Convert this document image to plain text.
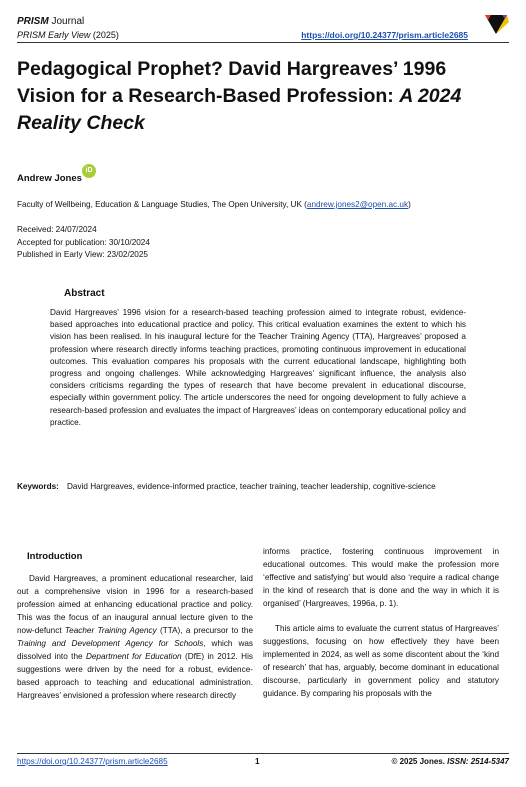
PRISM Journal
PRISM Early View (2025)	https://doi.org/10.24377/prism.article2685
Pedagogical Prophet? David Hargreaves’ 1996 Vision for a Research-Based Profession: A 2024 Reality Check
Andrew Jones
iD
Faculty of Wellbeing, Education & Language Studies, The Open University, UK (andrew.jones2@open.ac.uk)
Received: 24/07/2024
Accepted for publication: 30/10/2024
Published in Early View: 23/02/2025
Abstract
David Hargreaves’ 1996 vision for a research-based teaching profession aimed to integrate robust, evidence-based approaches into educational practice and policy. This critical evaluation examines the extent to which his vision has been realised. In his inaugural lecture for the Teacher Training Agency (TTA), Hargreaves’ proposed a profession where research directly informs teaching practices, promoting continuous improvement in educational outcomes. This evaluation compares his proposals with the current educational landscape, highlighting both progress and ongoing challenges. While acknowledging Hargreaves’ significant influence, the analysis also considers criticisms regarding the types of research that have become prevalent in educational discourse, especially within government policy. The article underscores the need for ongoing development to fully achieve a research-based profession and evaluates the impact of Hargreaves’ ideas on contemporary educational policy and practice.
Keywords: David Hargreaves, evidence-informed practice, teacher training, teacher leadership, cognitive-science
Introduction

David Hargreaves, a prominent educational researcher, laid out a comprehensive vision in 1996 for a research-based profession aimed at enhancing educational practice and policy. This was the focus of an inaugural annual lecture given to the now-defunct Teacher Training Agency (TTA), a precursor to the Training and Development Agency for Schools, which was dissolved into the Department for Education (DfE) in 2012. His suggestions were driven by the need for a robust, evidence-based approach to teaching and educational administration. Hargreaves’ envisioned a profession where research directly

informs practice, fostering continuous improvement in educational outcomes. This would make the profession more ‘effective and satisfying’ but would also ‘require a radical change in the kind of research that is done and the way in which it is organised’ (Hargreaves, 1996a, p. 1).

This article aims to evaluate the current status of Hargreaves’ suggestions, focusing on how effectively they have been implemented in 2024, as well as some discontent about the ‘kind of research’ that has, arguably, become dominant in educational discourse, particularly in government policy and statutory guidance. By comparing his proposals with the

https://doi.org/10.24377/prism.article2685	1	© 2025 Jones. ISSN: 2514-5347
